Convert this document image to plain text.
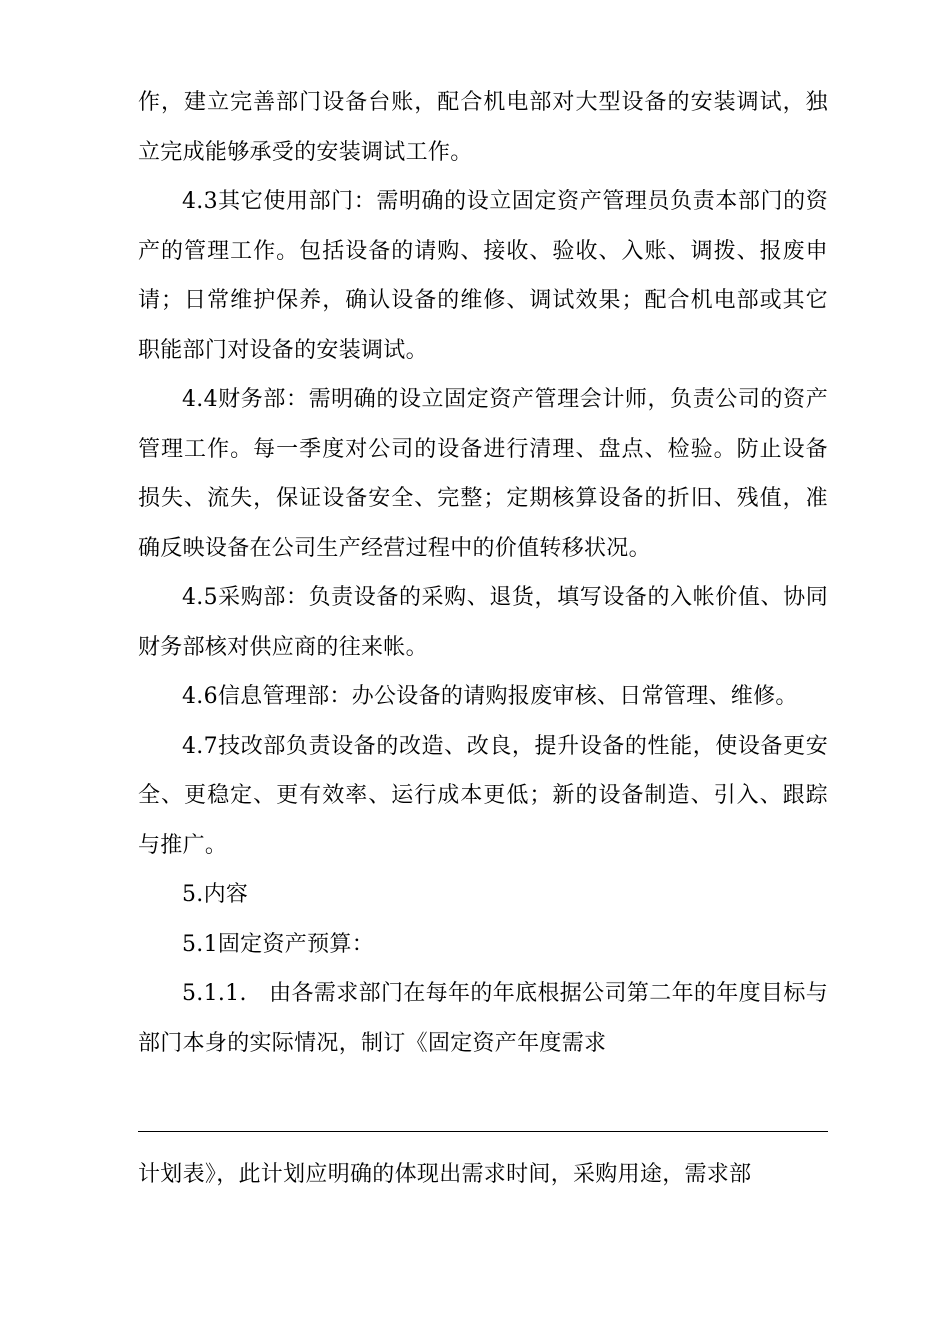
作，建立完善部门设备台账，配合机电部对大型设备的安装调试，独立完成能够承受的安装调试工作。

4.3其它使用部门：需明确的设立固定资产管理员负责本部门的资产的管理工作。包括设备的请购、接收、验收、入账、调拨、报废申请；日常维护保养，确认设备的维修、调试效果；配合机电部或其它职能部门对设备的安装调试。

4.4财务部：需明确的设立固定资产管理会计师，负责公司的资产管理工作。每一季度对公司的设备进行清理、盘点、检验。防止设备损失、流失，保证设备安全、完整；定期核算设备的折旧、残值，准确反映设备在公司生产经营过程中的价值转移状况。

4.5采购部：负责设备的采购、退货，填写设备的入帐价值、协同财务部核对供应商的往来帐。

4.6信息管理部：办公设备的请购报废审核、日常管理、维修。

4.7技改部负责设备的改造、改良，提升设备的性能，使设备更安全、更稳定、更有效率、运行成本更低；新的设备制造、引入、跟踪与推广。

5.内容

5.1固定资产预算：

5.1.1.　由各需求部门在每年的年底根据公司第二年的年度目标与部门本身的实际情况，制订《固定资产年度需求

计划表》，此计划应明确的体现出需求时间，采购用途，需求部
